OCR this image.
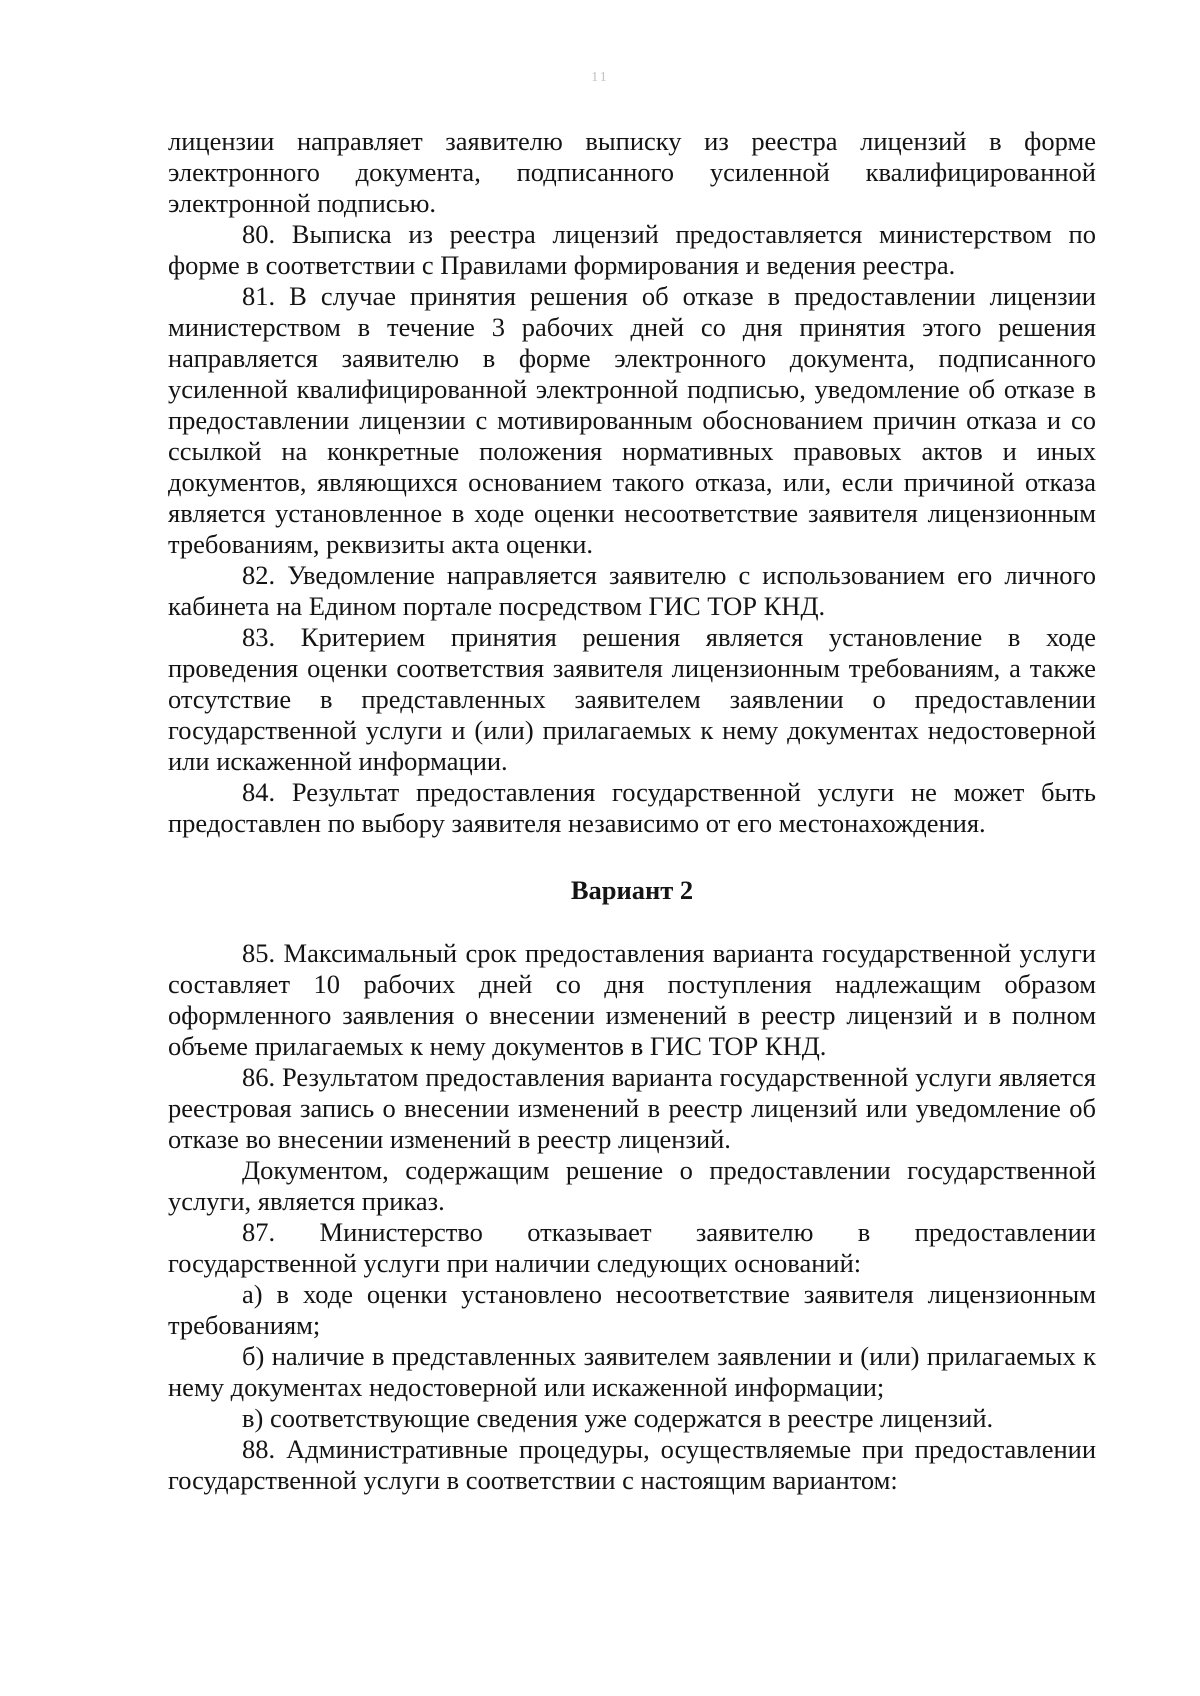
11

лицензии направляет заявителю выписку из реестра лицензий в форме электронного документа, подписанного усиленной квалифицированной электронной подписью.

80. Выписка из реестра лицензий предоставляется министерством по форме в соответствии с Правилами формирования и ведения реестра.

81. В случае принятия решения об отказе в предоставлении лицензии министерством в течение 3 рабочих дней со дня принятия этого решения направляется заявителю в форме электронного документа, подписанного усиленной квалифицированной электронной подписью, уведомление об отказе в предоставлении лицензии с мотивированным обоснованием причин отказа и со ссылкой на конкретные положения нормативных правовых актов и иных документов, являющихся основанием такого отказа, или, если причиной отказа является установленное в ходе оценки несоответствие заявителя лицензионным требованиям, реквизиты акта оценки.

82. Уведомление направляется заявителю с использованием его личного кабинета на Едином портале посредством ГИС ТОР КНД.

83. Критерием принятия решения является установление в ходе проведения оценки соответствия заявителя лицензионным требованиям, а также отсутствие в представленных заявителем заявлении о предоставлении государственной услуги и (или) прилагаемых к нему документах недостоверной или искаженной информации.

84. Результат предоставления государственной услуги не может быть предоставлен по выбору заявителя независимо от его местонахождения.

Вариант 2

85. Максимальный срок предоставления варианта государственной услуги составляет 10 рабочих дней со дня поступления надлежащим образом оформленного заявления о внесении изменений в реестр лицензий и в полном объеме прилагаемых к нему документов в ГИС ТОР КНД.

86. Результатом предоставления варианта государственной услуги является реестровая запись о внесении изменений в реестр лицензий или уведомление об отказе во внесении изменений в реестр лицензий.

Документом, содержащим решение о предоставлении государственной услуги, является приказ.

87. Министерство отказывает заявителю в предоставлении государственной услуги при наличии следующих оснований:

а) в ходе оценки установлено несоответствие заявителя лицензионным требованиям;

б) наличие в представленных заявителем заявлении и (или) прилагаемых к нему документах недостоверной или искаженной информации;

в) соответствующие сведения уже содержатся в реестре лицензий.

88. Административные процедуры, осуществляемые при предоставлении государственной услуги в соответствии с настоящим вариантом:
